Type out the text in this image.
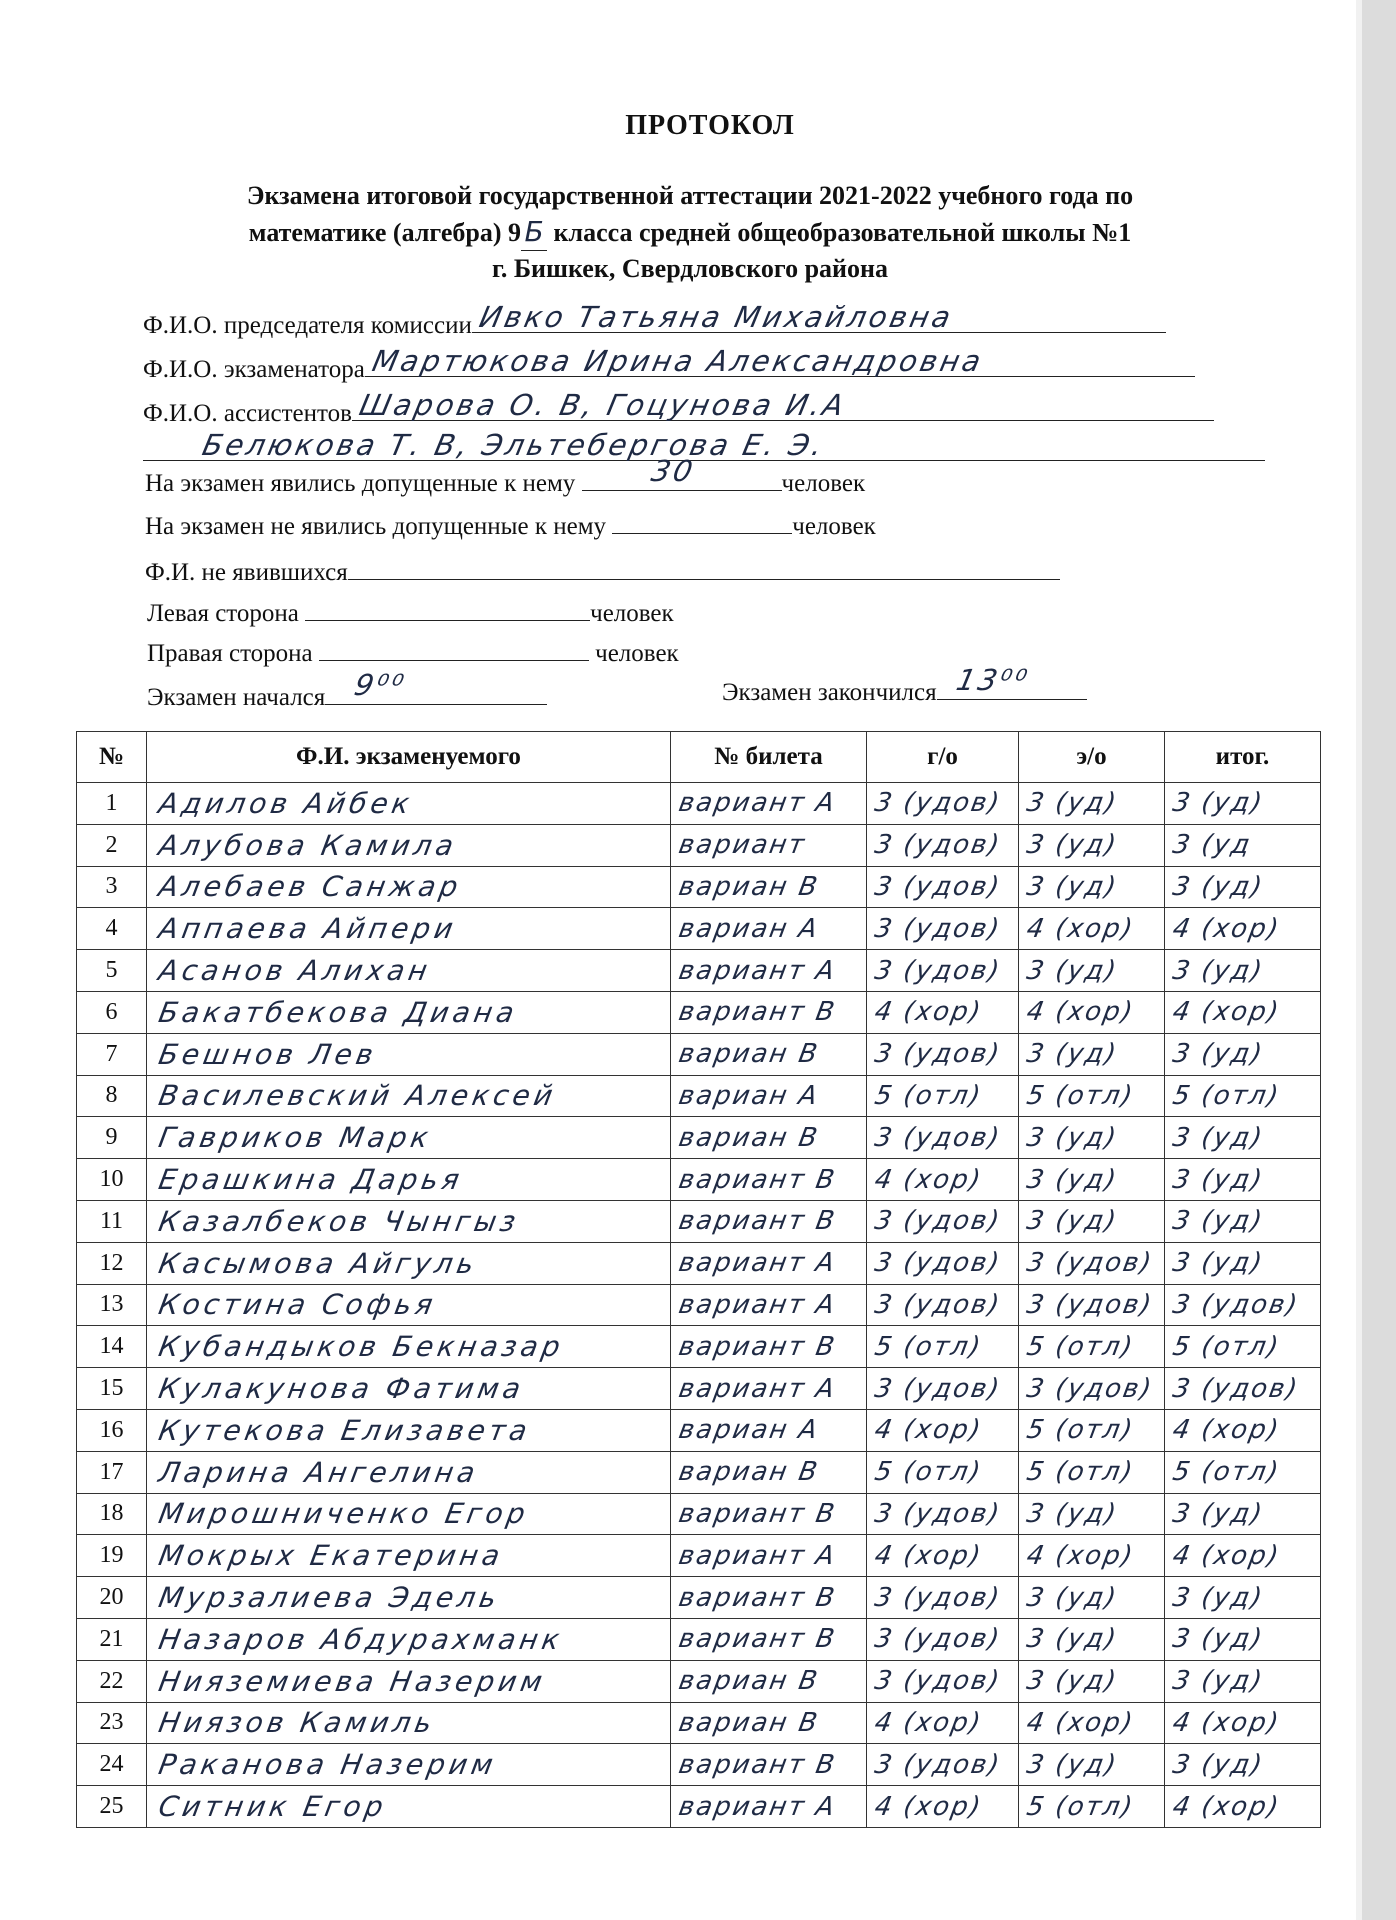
ПРОТОКОЛ
Экзамена итоговой государственной аттестации 2021-2022 учебного года по
математике (алгебра) 9 Б класса средней общеобразовательной школы №1
г. Бишкек, Свердловского района
Ф.И.О. председателя комиссии Ивко Татьяна Михайловна
Ф.И.О. экзаменатора Мартюкова Ирина Александровна
Ф.И.О. ассистентов Шарова О. В, Гоцунова И.А
Белюкова Т. В, Эльтебергова Е. Э.
На экзамен явились допущенные к нему	30	человек
На экзамен не явились допущенные к нему	человек
Ф.И. не явившихся
Левая сторона	человек
Правая сторона	человек
Экзамен начался 9⁰⁰	Экзамен закончился 13⁰⁰
№	Ф.И. экзаменуемого	№ билета	г/о	э/о	итог.
1	Адилов Айбек	вариант А	3 (удов)	3 (уд)	3 (уд)
2	Алубова Камила	вариант	3 (удов)	3 (уд)	3 (уд
3	Алебаев Санжар	вариан В	3 (удов)	3 (уд)	3 (уд)
4	Аппаева Айпери	вариан А	3 (удов)	4 (хор)	4 (хор)
5	Асанов Алихан	вариант А	3 (удов)	3 (уд)	3 (уд)
6	Бакатбекова Диана	вариант В	4 (хор)	4 (хор)	4 (хор)
7	Бешнов Лев	вариан В	3 (удов)	3 (уд)	3 (уд)
8	Василевский Алексей	вариан А	5 (отл)	5 (отл)	5 (отл)
9	Гавриков Марк	вариан В	3 (удов)	3 (уд)	3 (уд)
10	Ерашкина Дарья	вариант В	4 (хор)	3 (уд)	3 (уд)
11	Казалбеков Чынгыз	вариант В	3 (удов)	3 (уд)	3 (уд)
12	Касымова Айгуль	вариант А	3 (удов)	3 (удов)	3 (уд)
13	Костина Софья	вариант А	3 (удов)	3 (удов)	3 (удов)
14	Кубандыков Бекназар	вариант В	5 (отл)	5 (отл)	5 (отл)
15	Кулакунова Фатима	вариант А	3 (удов)	3 (удов)	3 (удов)
16	Кутекова Елизавета	вариан А	4 (хор)	5 (отл)	4 (хор)
17	Ларина Ангелина	вариан В	5 (отл)	5 (отл)	5 (отл)
18	Мирошниченко Егор	вариант В	3 (удов)	3 (уд)	3 (уд)
19	Мокрых Екатерина	вариант А	4 (хор)	4 (хор)	4 (хор)
20	Мурзалиева Эдель	вариант В	3 (удов)	3 (уд)	3 (уд)
21	Назаров Абдурахманк	вариант В	3 (удов)	3 (уд)	3 (уд)
22	Нияземиева Назерим	вариан В	3 (удов)	3 (уд)	3 (уд)
23	Ниязов Камиль	вариан В	4 (хор)	4 (хор)	4 (хор)
24	Раканова Назерим	вариант В	3 (удов)	3 (уд)	3 (уд)
25	Ситник Егор	вариант А	4 (хор)	5 (отл)	4 (хор)
